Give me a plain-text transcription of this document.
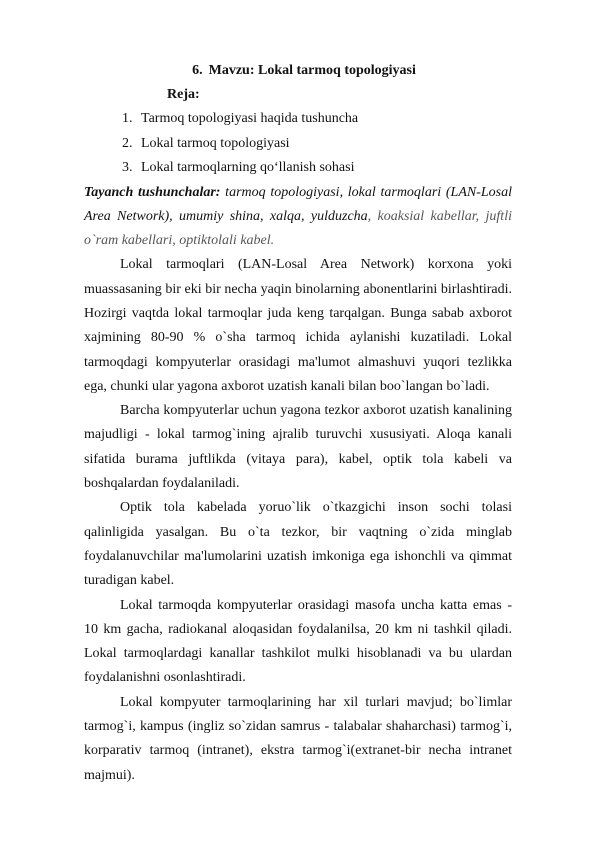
6. Mavzu: Lokal tarmoq topologiyasi
Reja:
1. Tarmoq topologiyasi haqida tushuncha
2. Lokal tarmoq topologiyasi
3. Lokal tarmoqlarning qo‘llanish sohasi

Tayanch tushunchalar: tarmoq topologiyasi, lokal tarmoqlari (LAN-Losal Area Network), umumiy shina, xalqa, yulduzcha, koaksial kabellar, juftli o`ram kabellari, optiktolali kabel.

Lokal tarmoqlari (LAN-Losal Area Network) korxona yoki muassasaning bir eki bir necha yaqin binolarning abonentlarini birlashtiradi. Hozirgi vaqtda lokal tarmoqlar juda keng tarqalgan. Bunga sabab axborot xajmining 80-90 % o`sha tarmoq ichida aylanishi kuzatiladi. Lokal tarmoqdagi kompyuterlar orasidagi ma'lumot almashuvi yuqori tezlikka ega, chunki ular yagona axborot uzatish kanali bilan boo`langan bo`ladi.

Barcha kompyuterlar uchun yagona tezkor axborot uzatish kanalining majudligi - lokal tarmog`ining ajralib turuvchi xususiyati. Aloqa kanali sifatida burama juftlikda (vitaya para), kabel, optik tola kabeli va boshqalardan foydalaniladi.

Optik tola kabelada yoruo`lik o`tkazgichi inson sochi tolasi qalinligida yasalgan. Bu o`ta tezkor, bir vaqtning o`zida minglab foydalanuvchilar ma'lumolarini uzatish imkoniga ega ishonchli va qimmat turadigan kabel.

Lokal tarmoqda kompyuterlar orasidagi masofa uncha katta emas - 10 km gacha, radiokanal aloqasidan foydalanilsa, 20 km ni tashkil qiladi. Lokal tarmoqlardagi kanallar tashkilot mulki hisoblanadi va bu ulardan foydalanishni osonlashtiradi.

Lokal kompyuter tarmoqlarining har xil turlari mavjud; bo`limlar tarmog`i, kampus (ingliz so`zidan samrus - talabalar shaharchasi) tarmog`i, korparativ tarmoq (intranet), ekstra tarmog`i(extranet-bir necha intranet majmui).
